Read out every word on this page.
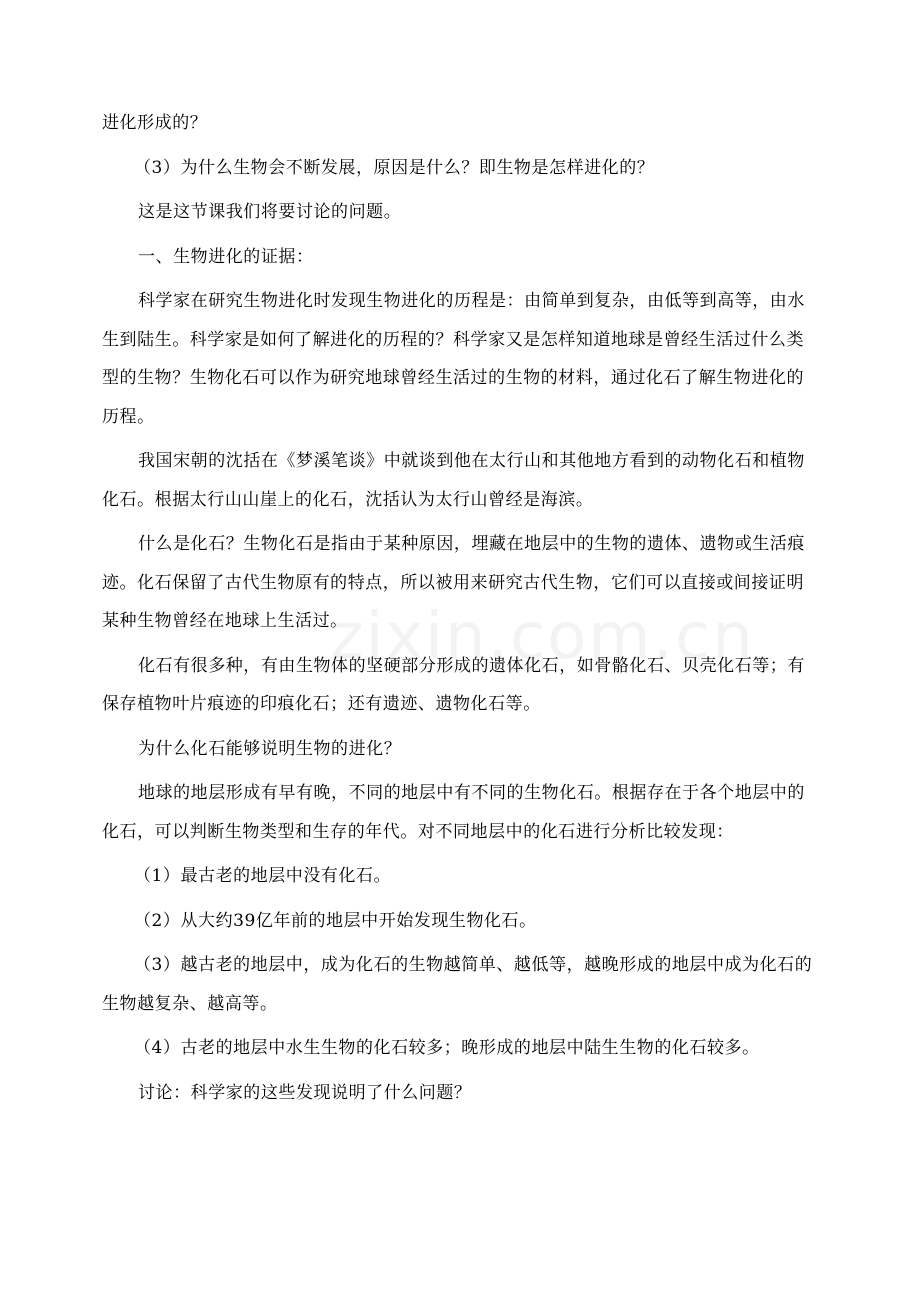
进化形成的？

（3）为什么生物会不断发展，原因是什么？即生物是怎样进化的？

这是这节课我们将要讨论的问题。

一、生物进化的证据：

科学家在研究生物进化时发现生物进化的历程是：由简单到复杂，由低等到高等，由水生到陆生。科学家是如何了解进化的历程的？科学家又是怎样知道地球是曾经生活过什么类型的生物？生物化石可以作为研究地球曾经生活过的生物的材料，通过化石了解生物进化的历程。

我国宋朝的沈括在《梦溪笔谈》中就谈到他在太行山和其他地方看到的动物化石和植物化石。根据太行山山崖上的化石，沈括认为太行山曾经是海滨。

什么是化石？生物化石是指由于某种原因，埋藏在地层中的生物的遗体、遗物或生活痕迹。化石保留了古代生物原有的特点，所以被用来研究古代生物，它们可以直接或间接证明某种生物曾经在地球上生活过。

化石有很多种，有由生物体的坚硬部分形成的遗体化石，如骨骼化石、贝壳化石等；有保存植物叶片痕迹的印痕化石；还有遗迹、遗物化石等。

为什么化石能够说明生物的进化？

地球的地层形成有早有晚，不同的地层中有不同的生物化石。根据存在于各个地层中的化石，可以判断生物类型和生存的年代。对不同地层中的化石进行分析比较发现：

（1）最古老的地层中没有化石。

（2）从大约39亿年前的地层中开始发现生物化石。

（3）越古老的地层中，成为化石的生物越简单、越低等，越晚形成的地层中成为化石的生物越复杂、越高等。

（4）古老的地层中水生生物的化石较多；晚形成的地层中陆生生物的化石较多。

讨论：科学家的这些发现说明了什么问题？
